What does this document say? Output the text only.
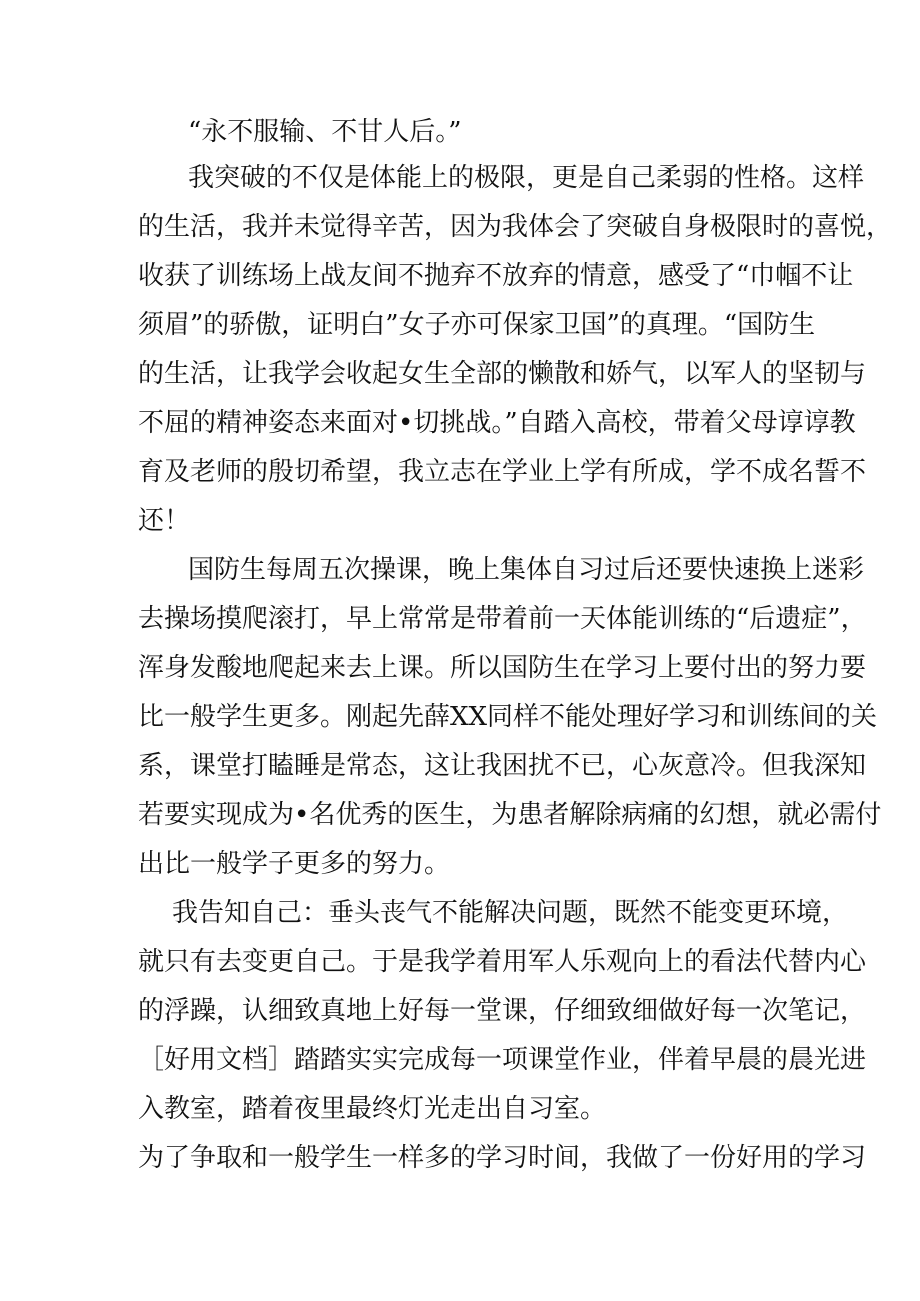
“永不服输、不甘人后。”
我突破的不仅是体能上的极限，更是自己柔弱的性格。这样
的生活，我并未觉得辛苦，因为我体会了突破自身极限时的喜悦，
收获了训练场上战友间不抛弃不放弃的情意，感受了“巾帼不让
须眉”的骄傲，证明白”女子亦可保家卫国”的真理。“国防生
的生活，让我学会收起女生全部的懒散和娇气，以军人的坚韧与
不屈的精神姿态来面对•切挑战。”自踏入高校，带着父母谆谆教
育及老师的殷切希望，我立志在学业上学有所成，学不成名誓不
还！
国防生每周五次操课，晚上集体自习过后还要快速换上迷彩
去操场摸爬滚打，早上常常是带着前一天体能训练的“后遗症”，
浑身发酸地爬起来去上课。所以国防生在学习上要付出的努力要
比一般学生更多。刚起先薛XX同样不能处理好学习和训练间的关
系，课堂打瞌睡是常态，这让我困扰不已，心灰意冷。但我深知
若要实现成为•名优秀的医生，为患者解除病痛的幻想，就必需付
出比一般学子更多的努力。
我告知自己：垂头丧气不能解决问题，既然不能变更环境，
就只有去变更自己。于是我学着用军人乐观向上的看法代替内心
的浮躁，认细致真地上好每一堂课，仔细致细做好每一次笔记，
［好用文档］踏踏实实完成每一项课堂作业，伴着早晨的晨光进
入教室，踏着夜里最终灯光走出自习室。
为了争取和一般学生一样多的学习时间，我做了一份好用的学习
